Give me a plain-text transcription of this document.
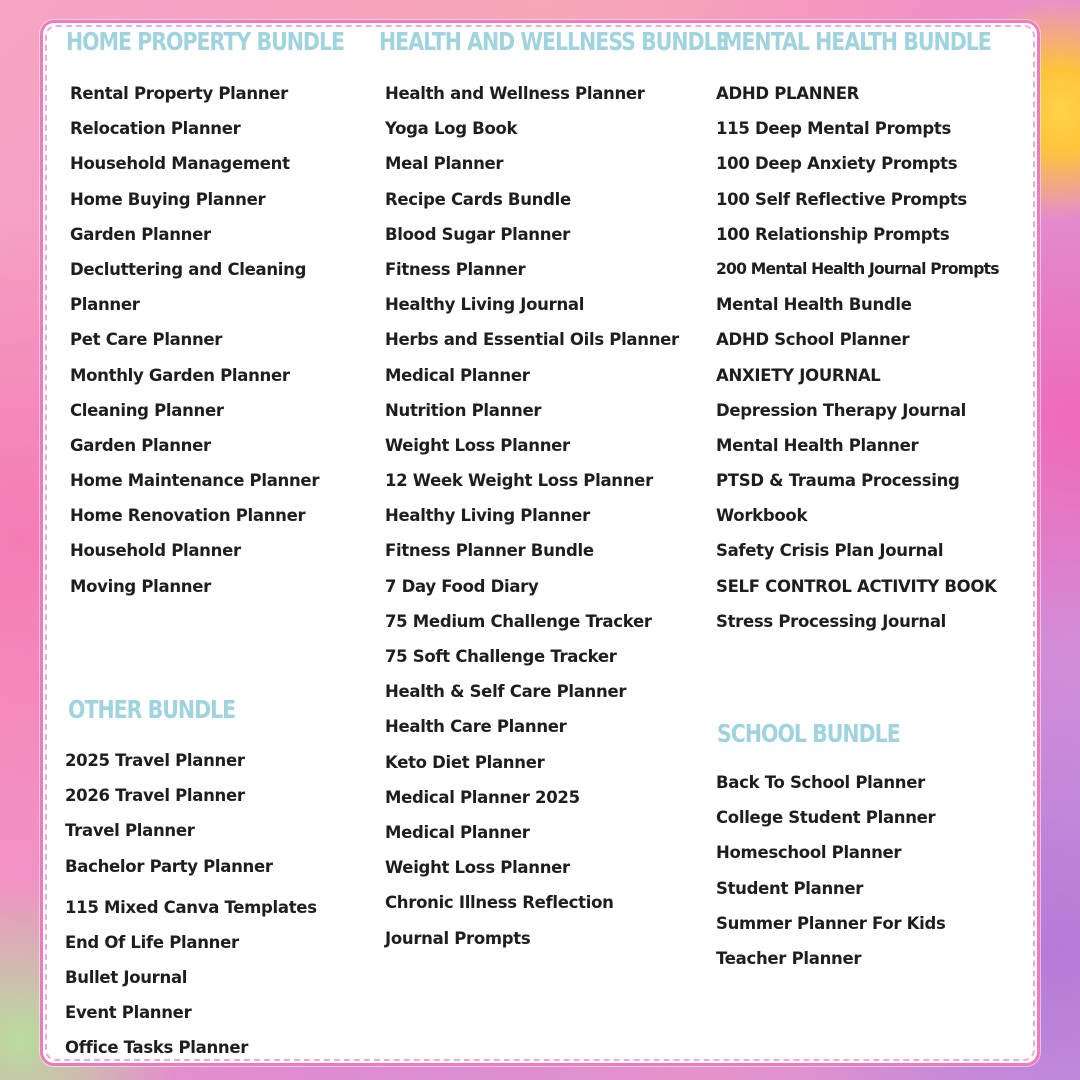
HOME PROPERTY BUNDLE
Rental Property Planner
Relocation Planner
Household Management
Home Buying Planner
Garden Planner
Decluttering and Cleaning
Planner
Pet Care Planner
Monthly Garden Planner
Cleaning Planner
Garden Planner
Home Maintenance Planner
Home Renovation Planner
Household Planner
Moving Planner
OTHER BUNDLE
2025 Travel Planner
2026 Travel Planner
Travel Planner
Bachelor Party Planner
115 Mixed Canva Templates
End Of Life Planner
Bullet Journal
Event Planner
Office Tasks Planner
HEALTH AND WELLNESS BUNDLE
Health and Wellness Planner
Yoga Log Book
Meal Planner
Recipe Cards Bundle
Blood Sugar Planner
Fitness Planner
Healthy Living Journal
Herbs and Essential Oils Planner
Medical Planner
Nutrition Planner
Weight Loss Planner
12 Week Weight Loss Planner
Healthy Living Planner
Fitness Planner Bundle
7 Day Food Diary
75 Medium Challenge Tracker
75 Soft Challenge Tracker
Health & Self Care Planner
Health Care Planner
Keto Diet Planner
Medical Planner 2025
Medical Planner
Weight Loss Planner
Chronic Illness Reflection
Journal Prompts
MENTAL HEALTH BUNDLE
ADHD PLANNER
115 Deep Mental Prompts
100 Deep Anxiety Prompts
100 Self Reflective Prompts
100 Relationship Prompts
200 Mental Health Journal Prompts
Mental Health Bundle
ADHD School Planner
ANXIETY JOURNAL
Depression Therapy Journal
Mental Health Planner
PTSD & Trauma Processing
Workbook
Safety Crisis Plan Journal
SELF CONTROL ACTIVITY BOOK
Stress Processing Journal
SCHOOL BUNDLE
Back To School Planner
College Student Planner
Homeschool Planner
Student Planner
Summer Planner For Kids
Teacher Planner
